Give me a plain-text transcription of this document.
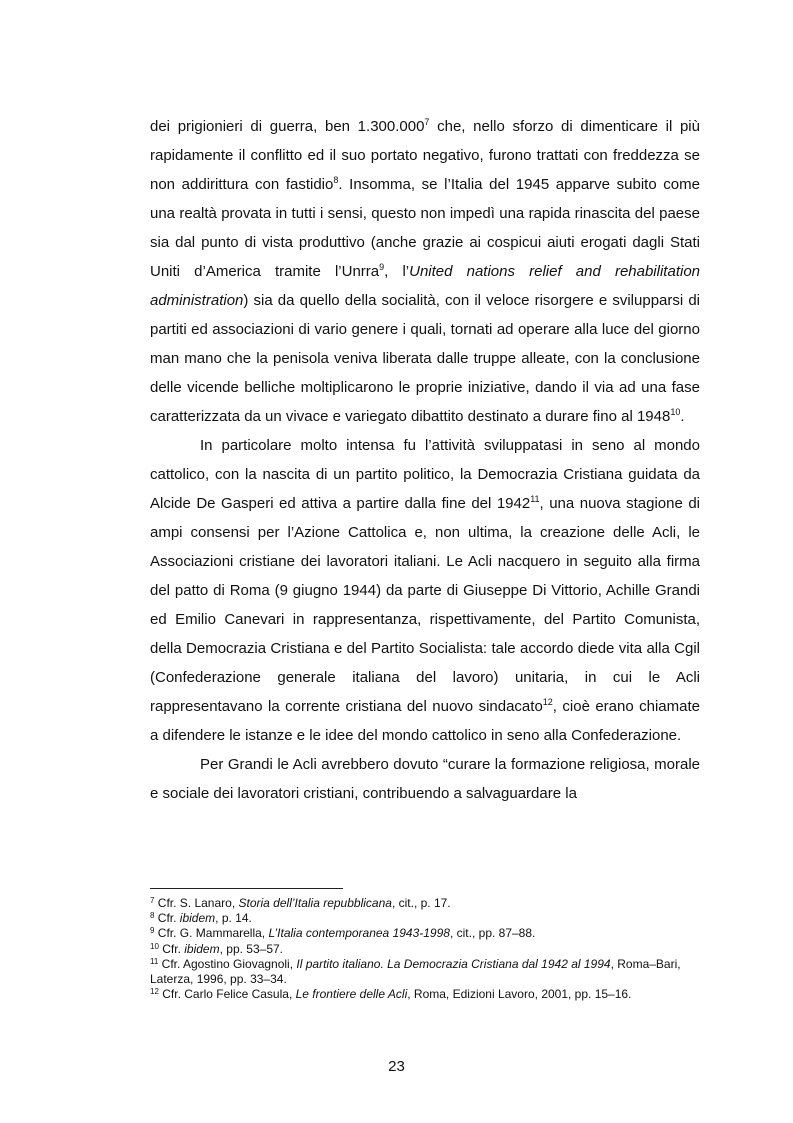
dei prigionieri di guerra, ben 1.300.000$^7$ che, nello sforzo di dimenticare il più rapidamente il conflitto ed il suo portato negativo, furono trattati con freddezza se non addirittura con fastidio$^8$. Insomma, se l’Italia del 1945 apparve subito come una realtà provata in tutti i sensi, questo non impedì una rapida rinascita del paese sia dal punto di vista produttivo (anche grazie ai cospicui aiuti erogati dagli Stati Uniti d’America tramite l’Unrra$^9$, l’United nations relief and rehabilitation administration) sia da quello della socialità, con il veloce risorgere e svilupparsi di partiti ed associazioni di vario genere i quali, tornati ad operare alla luce del giorno man mano che la penisola veniva liberata dalle truppe alleate, con la conclusione delle vicende belliche moltiplicarono le proprie iniziative, dando il via ad una fase caratterizzata da un vivace e variegato dibattito destinato a durare fino al 1948$^{10}$.

In particolare molto intensa fu l’attività sviluppatasi in seno al mondo cattolico, con la nascita di un partito politico, la Democrazia Cristiana guidata da Alcide De Gasperi ed attiva a partire dalla fine del 1942$^{11}$, una nuova stagione di ampi consensi per l’Azione Cattolica e, non ultima, la creazione delle Acli, le Associazioni cristiane dei lavoratori italiani. Le Acli nacquero in seguito alla firma del patto di Roma (9 giugno 1944) da parte di Giuseppe Di Vittorio, Achille Grandi ed Emilio Canevari in rappresentanza, rispettivamente, del Partito Comunista, della Democrazia Cristiana e del Partito Socialista: tale accordo diede vita alla Cgil (Confederazione generale italiana del lavoro) unitaria, in cui le Acli rappresentavano la corrente cristiana del nuovo sindacato$^{12}$, cioè erano chiamate a difendere le istanze e le idee del mondo cattolico in seno alla Confederazione.

Per Grandi le Acli avrebbero dovuto “curare la formazione religiosa, morale e sociale dei lavoratori cristiani, contribuendo a salvaguardare la

$^7$ Cfr. S. Lanaro, Storia dell’Italia repubblicana, cit., p. 17.

$^8$ Cfr. ibidem, p. 14.

$^9$ Cfr. G. Mammarella, L’Italia contemporanea 1943-1998, cit., pp. 87–88.

$^{10}$ Cfr. ibidem, pp. 53–57.

$^{11}$ Cfr. Agostino Giovagnoli, Il partito italiano. La Democrazia Cristiana dal 1942 al 1994, Roma–Bari, Laterza, 1996, pp. 33–34.

$^{12}$ Cfr. Carlo Felice Casula, Le frontiere delle Acli, Roma, Edizioni Lavoro, 2001, pp. 15–16.

23
